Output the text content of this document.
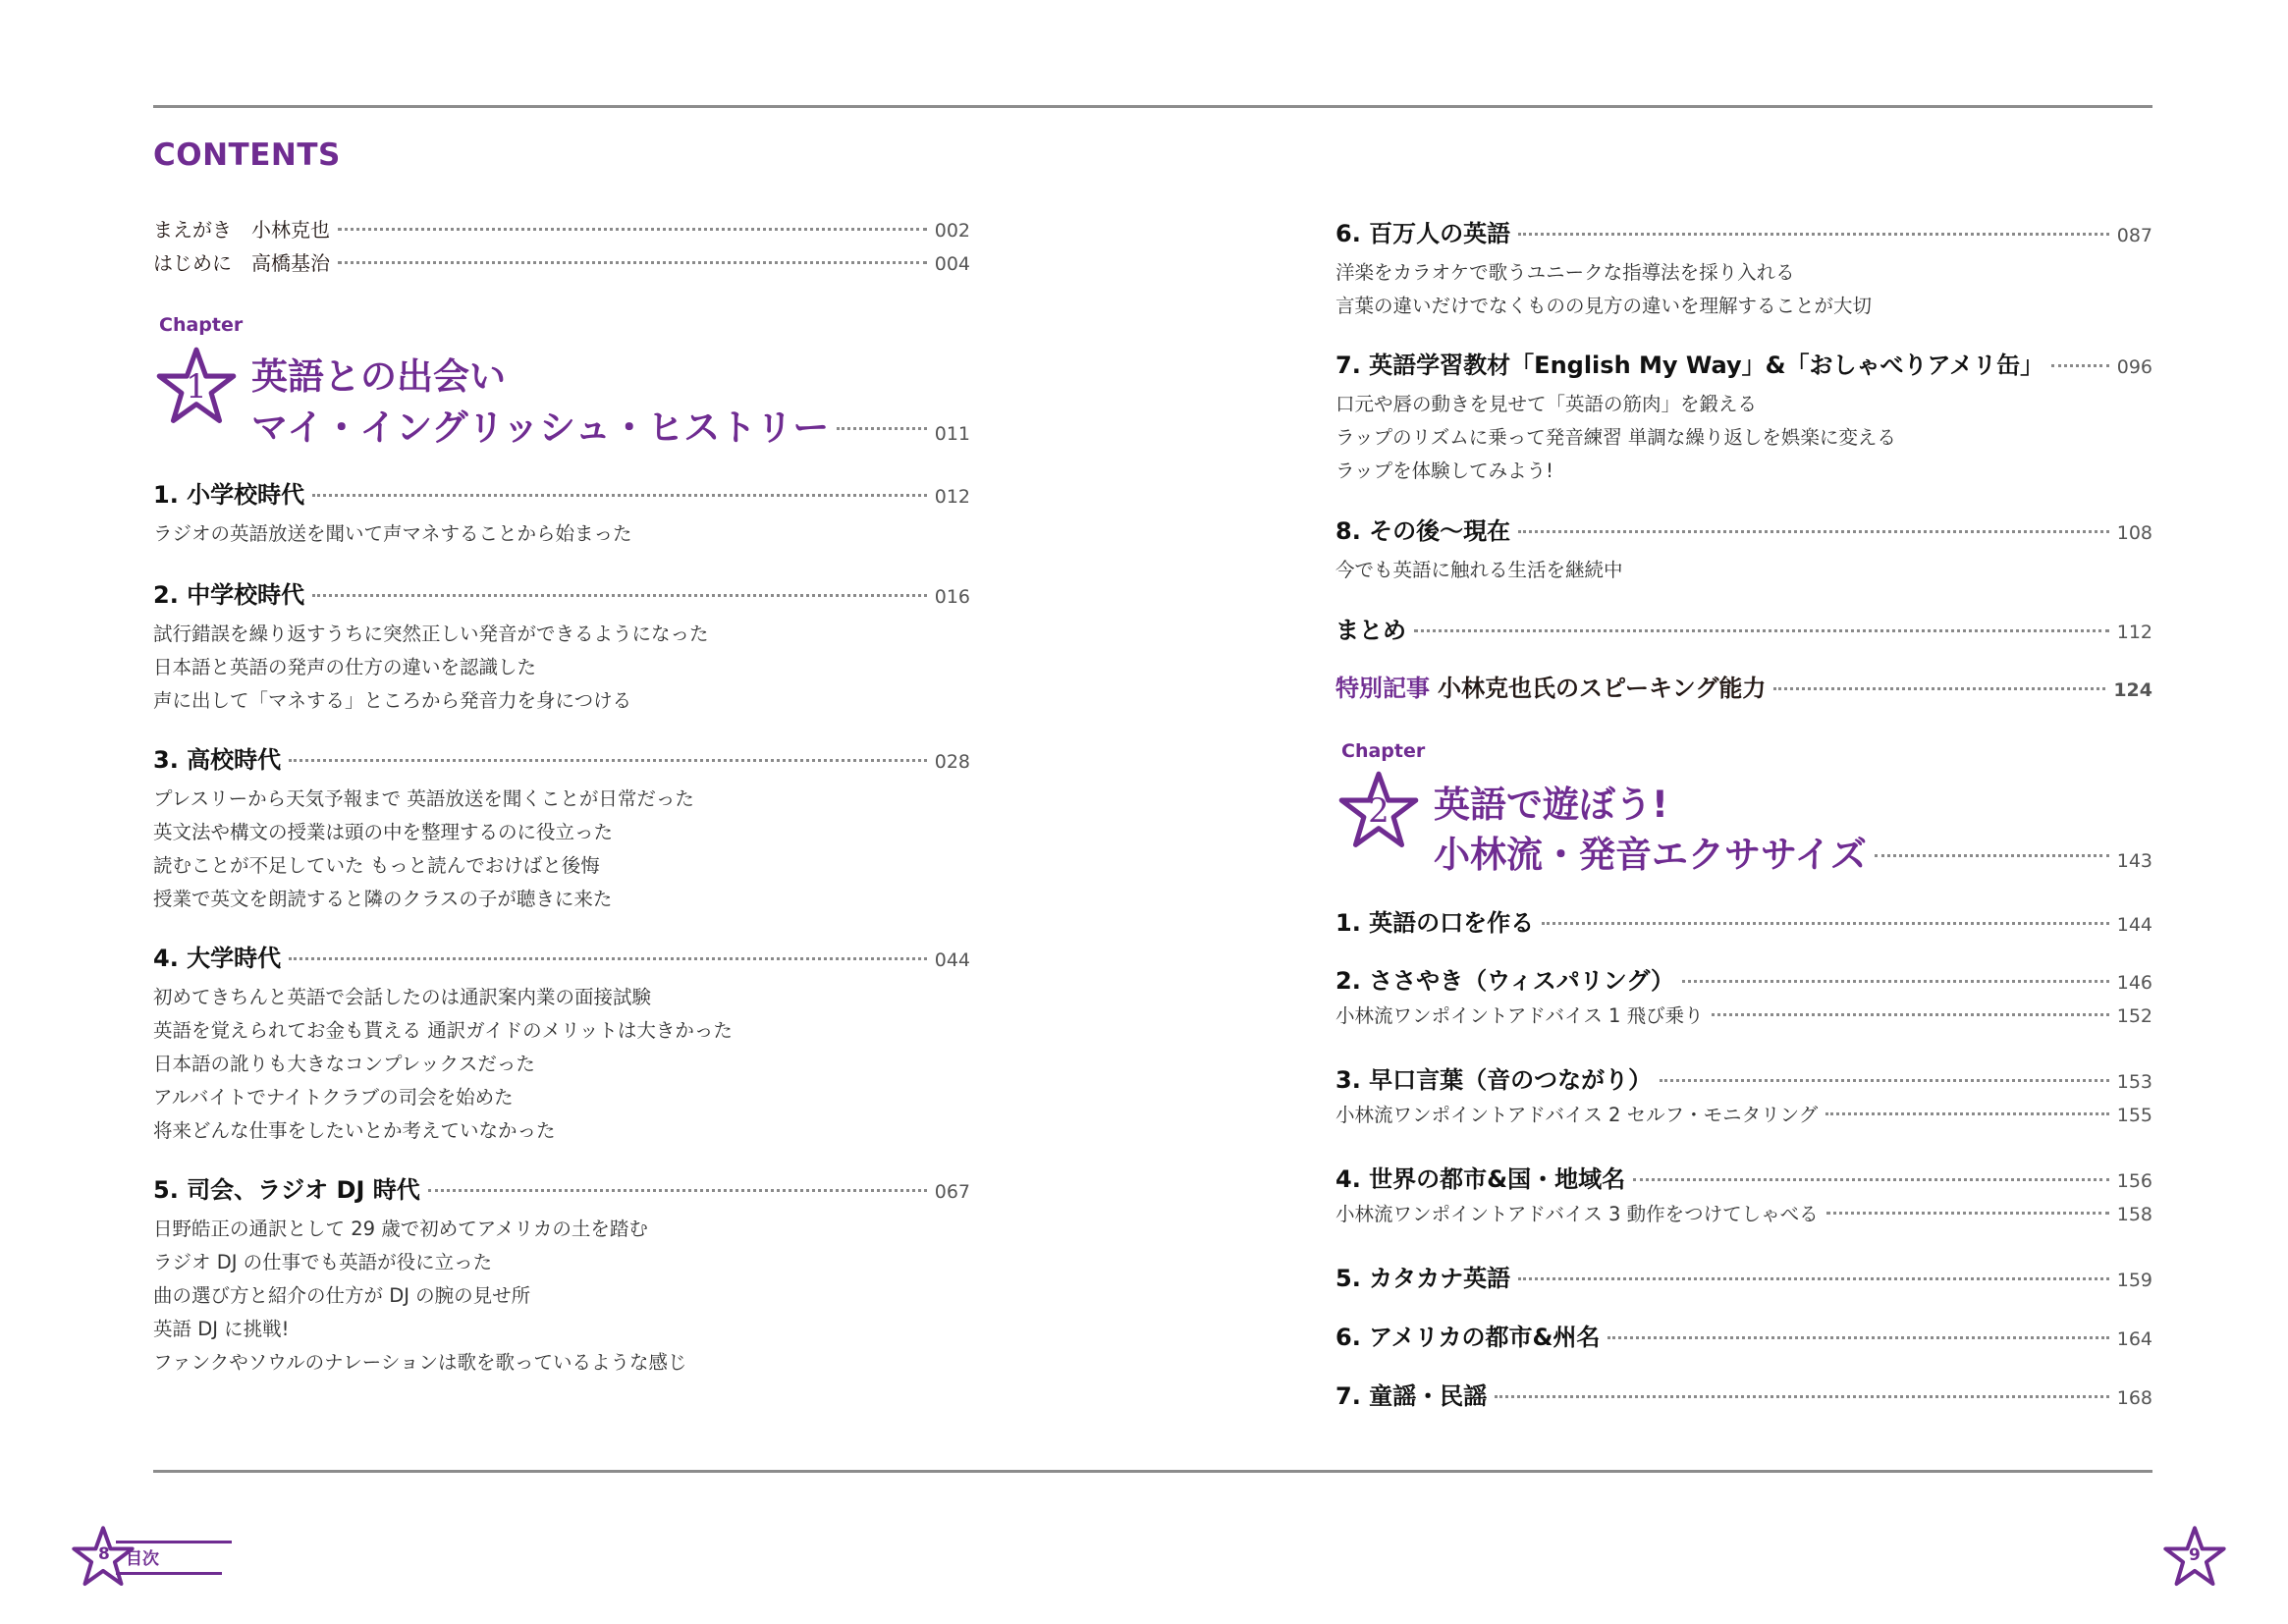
CONTENTS
まえがき 小林克也	002
はじめに 高橋基治	004
Chapter
1	英語との出会い
マイ・イングリッシュ・ヒストリー	011
1. 小学校時代	012
ラジオの英語放送を聞いて声マネすることから始まった
2. 中学校時代	016
試行錯誤を繰り返すうちに突然正しい発音ができるようになった
日本語と英語の発声の仕方の違いを認識した
声に出して「マネする」ところから発音力を身につける
3. 高校時代	028
プレスリーから天気予報まで 英語放送を聞くことが日常だった
英文法や構文の授業は頭の中を整理するのに役立った
読むことが不足していた もっと読んでおけばと後悔
授業で英文を朗読すると隣のクラスの子が聴きに来た
4. 大学時代	044
初めてきちんと英語で会話したのは通訳案内業の面接試験
英語を覚えられてお金も貰える 通訳ガイドのメリットは大きかった
日本語の訛りも大きなコンプレックスだった
アルバイトでナイトクラブの司会を始めた
将来どんな仕事をしたいとか考えていなかった
5. 司会、ラジオ DJ 時代	067
日野皓正の通訳として 29 歳で初めてアメリカの土を踏む
ラジオ DJ の仕事でも英語が役に立った
曲の選び方と紹介の仕方が DJ の腕の見せ所
英語 DJ に挑戦!
ファンクやソウルのナレーションは歌を歌っているような感じ
6. 百万人の英語	087
洋楽をカラオケで歌うユニークな指導法を採り入れる
言葉の違いだけでなくものの見方の違いを理解することが大切
7. 英語学習教材「English My Way」&「おしゃべりアメリ缶」	096
口元や唇の動きを見せて「英語の筋肉」を鍛える
ラップのリズムに乗って発音練習 単調な繰り返しを娯楽に変える
ラップを体験してみよう!
8. その後～現在	108
今でも英語に触れる生活を継続中
まとめ	112
特別記事 小林克也氏のスピーキング能力	124
Chapter
2	英語で遊ぼう!
小林流・発音エクササイズ	143
1. 英語の口を作る	144
2. ささやき（ウィスパリング）	146
小林流ワンポイントアドバイス 1 飛び乗り	152
3. 早口言葉（音のつながり）	153
小林流ワンポイントアドバイス 2 セルフ・モニタリング	155
4. 世界の都市&国・地域名	156
小林流ワンポイントアドバイス 3 動作をつけてしゃべる	158
5. カタカナ英語	159
6. アメリカの都市&州名	164
7. 童謡・民謡	168
8 目次	9
